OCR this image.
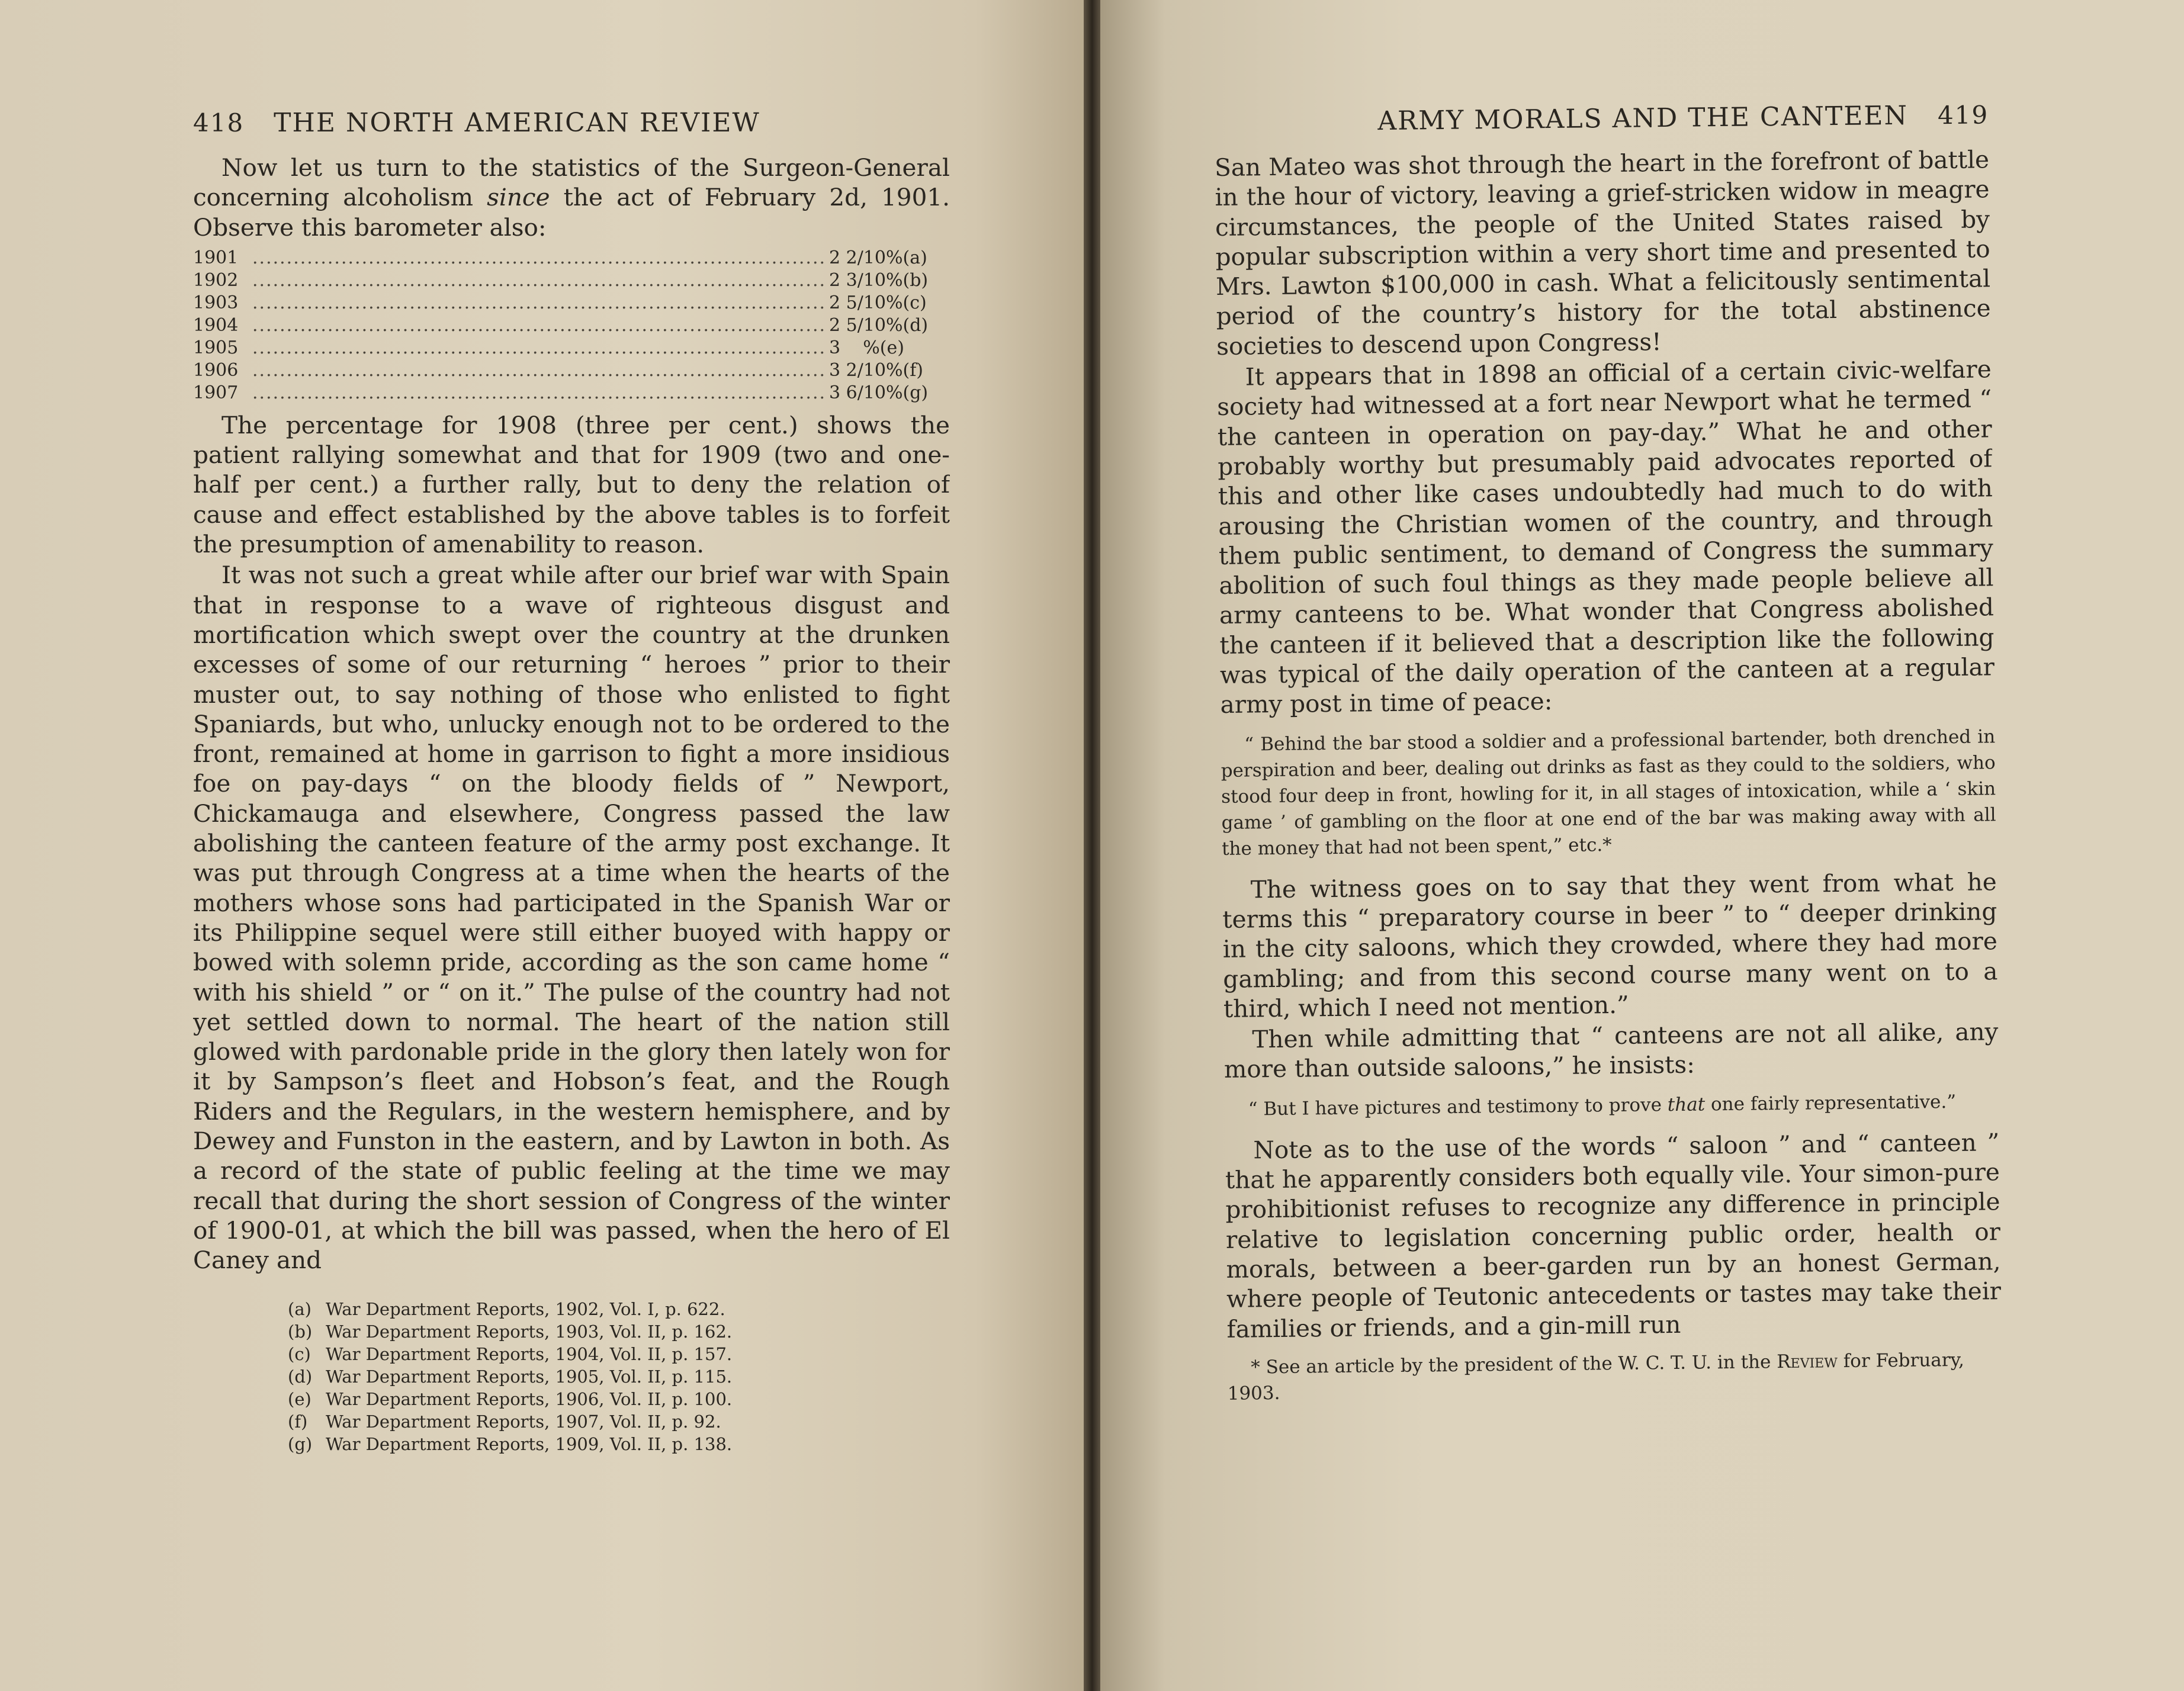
418 THE NORTH AMERICAN REVIEW

Now let us turn to the statistics of the Surgeon-General concerning alcoholism since the act of February 2d, 1901. Observe this barometer also:

1901 .....	2 2/10%(a)
1902 .....	2 3/10%(b)
1903 .....	2 5/10%(c)
1904 .....	2 5/10%(d)
1905 .....	3    %(e)
1906 .....	3 2/10%(f)
1907 .....	3 6/10%(g)

The percentage for 1908 (three per cent.) shows the patient rallying somewhat and that for 1909 (two and one-half per cent.) a further rally, but to deny the relation of cause and effect established by the above tables is to forfeit the presumption of amenability to reason.

It was not such a great while after our brief war with Spain that in response to a wave of righteous disgust and mortification which swept over the country at the drunken excesses of some of our returning “ heroes ” prior to their muster out, to say nothing of those who enlisted to fight Spaniards, but who, unlucky enough not to be ordered to the front, remained at home in garrison to fight a more insidious foe on pay-days “ on the bloody fields of ” Newport, Chickamauga and elsewhere, Congress passed the law abolishing the canteen feature of the army post exchange. It was put through Congress at a time when the hearts of the mothers whose sons had participated in the Spanish War or its Philippine sequel were still either buoyed with happy or bowed with solemn pride, according as the son came home “ with his shield ” or “ on it.” The pulse of the country had not yet settled down to normal. The heart of the nation still glowed with pardonable pride in the glory then lately won for it by Sampson’s fleet and Hobson’s feat, and the Rough Riders and the Regulars, in the western hemisphere, and by Dewey and Funston in the eastern, and by Lawton in both. As a record of the state of public feeling at the time we may recall that during the short session of Congress of the winter of 1900-01, at which the bill was passed, when the hero of El Caney and

(a) War Department Reports, 1902, Vol. I, p. 622.
(b) War Department Reports, 1903, Vol. II, p. 162.
(c) War Department Reports, 1904, Vol. II, p. 157.
(d) War Department Reports, 1905, Vol. II, p. 115.
(e) War Department Reports, 1906, Vol. II, p. 100.
(f) War Department Reports, 1907, Vol. II, p. 92.
(g) War Department Reports, 1909, Vol. II, p. 138.
ARMY MORALS AND THE CANTEEN 419

San Mateo was shot through the heart in the forefront of battle in the hour of victory, leaving a grief-stricken widow in meagre circumstances, the people of the United States raised by popular subscription within a very short time and presented to Mrs. Lawton $100,000 in cash. What a felicitously sentimental period of the country’s history for the total abstinence societies to descend upon Congress!

It appears that in 1898 an official of a certain civic-welfare society had witnessed at a fort near Newport what he termed “ the canteen in operation on pay-day.” What he and other probably worthy but presumably paid advocates reported of this and other like cases undoubtedly had much to do with arousing the Christian women of the country, and through them public sentiment, to demand of Congress the summary abolition of such foul things as they made people believe all army canteens to be. What wonder that Congress abolished the canteen if it believed that a description like the following was typical of the daily operation of the canteen at a regular army post in time of peace:

“ Behind the bar stood a soldier and a professional bartender, both drenched in perspiration and beer, dealing out drinks as fast as they could to the soldiers, who stood four deep in front, howling for it, in all stages of intoxication, while a ‘ skin game ’ of gambling on the floor at one end of the bar was making away with all the money that had not been spent,” etc.*

The witness goes on to say that they went from what he terms this “ preparatory course in beer ” to “ deeper drinking in the city saloons, which they crowded, where they had more gambling; and from this second course many went on to a third, which I need not mention.”

Then while admitting that “ canteens are not all alike, any more than outside saloons,” he insists:

“ But I have pictures and testimony to prove that one fairly representative.”

Note as to the use of the words “ saloon ” and “ canteen ” that he apparently considers both equally vile. Your simon-pure prohibitionist refuses to recognize any difference in principle relative to legislation concerning public order, health or morals, between a beer-garden run by an honest German, where people of Teutonic antecedents or tastes may take their families or friends, and a gin-mill run

* See an article by the president of the W. C. T. U. in the Review for February, 1903.
